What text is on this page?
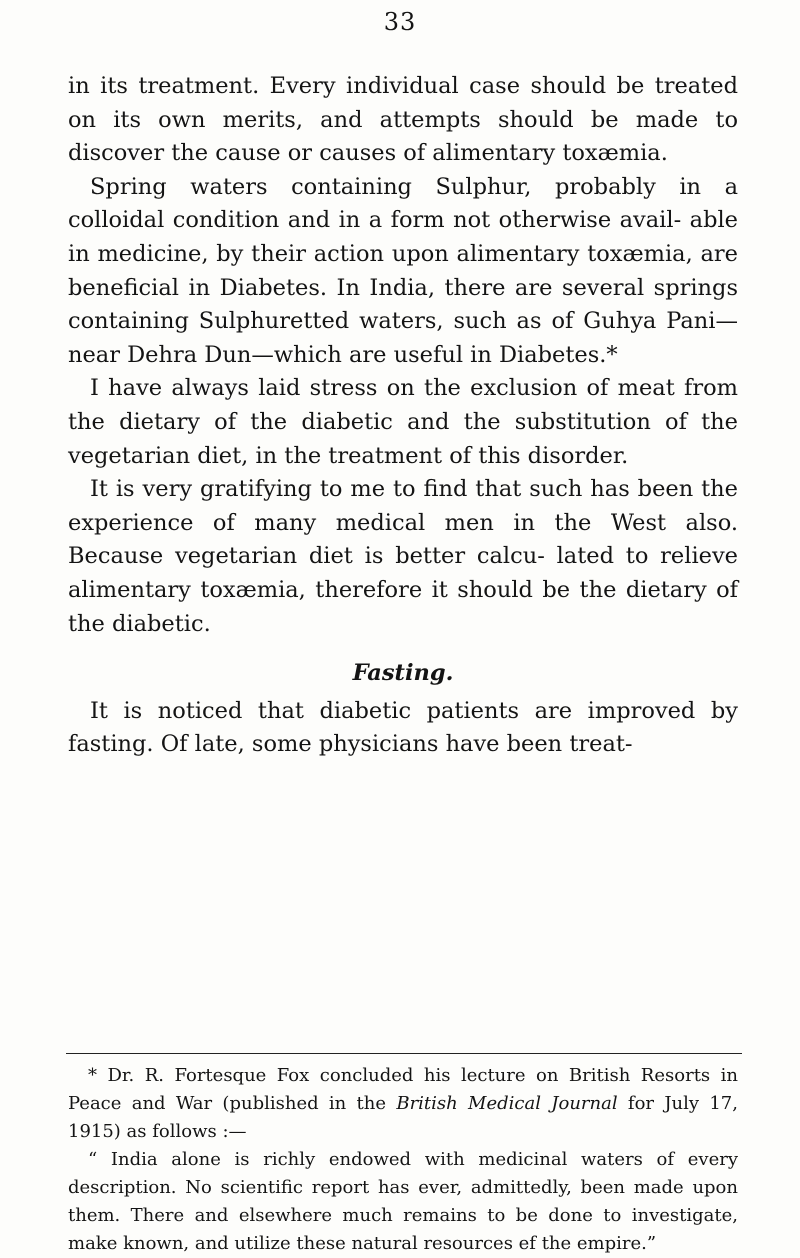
33

in its treatment. Every individual case should be treated on its own merits, and attempts should be made to discover the cause or causes of alimentary toxæmia.

Spring waters containing Sulphur, probably in a colloidal condition and in a form not otherwise avail- able in medicine, by their action upon alimentary toxæmia, are beneficial in Diabetes. In India, there are several springs containing Sulphuretted waters, such as of Guhya Pani—near Dehra Dun—which are useful in Diabetes.*

I have always laid stress on the exclusion of meat from the dietary of the diabetic and the substitution of the vegetarian diet, in the treatment of this disorder.

It is very gratifying to me to find that such has been the experience of many medical men in the West also. Because vegetarian diet is better calcu- lated to relieve alimentary toxæmia, therefore it should be the dietary of the diabetic.

Fasting.

It is noticed that diabetic patients are improved by fasting. Of late, some physicians have been treat-

* Dr. R. Fortesque Fox concluded his lecture on British Resorts in Peace and War (published in the British Medical Journal for July 17, 1915) as follows :—

“ India alone is richly endowed with medicinal waters of every description. No scientific report has ever, admittedly, been made upon them. There and elsewhere much remains to be done to investigate, make known, and utilize these natural resources ef the empire.”
